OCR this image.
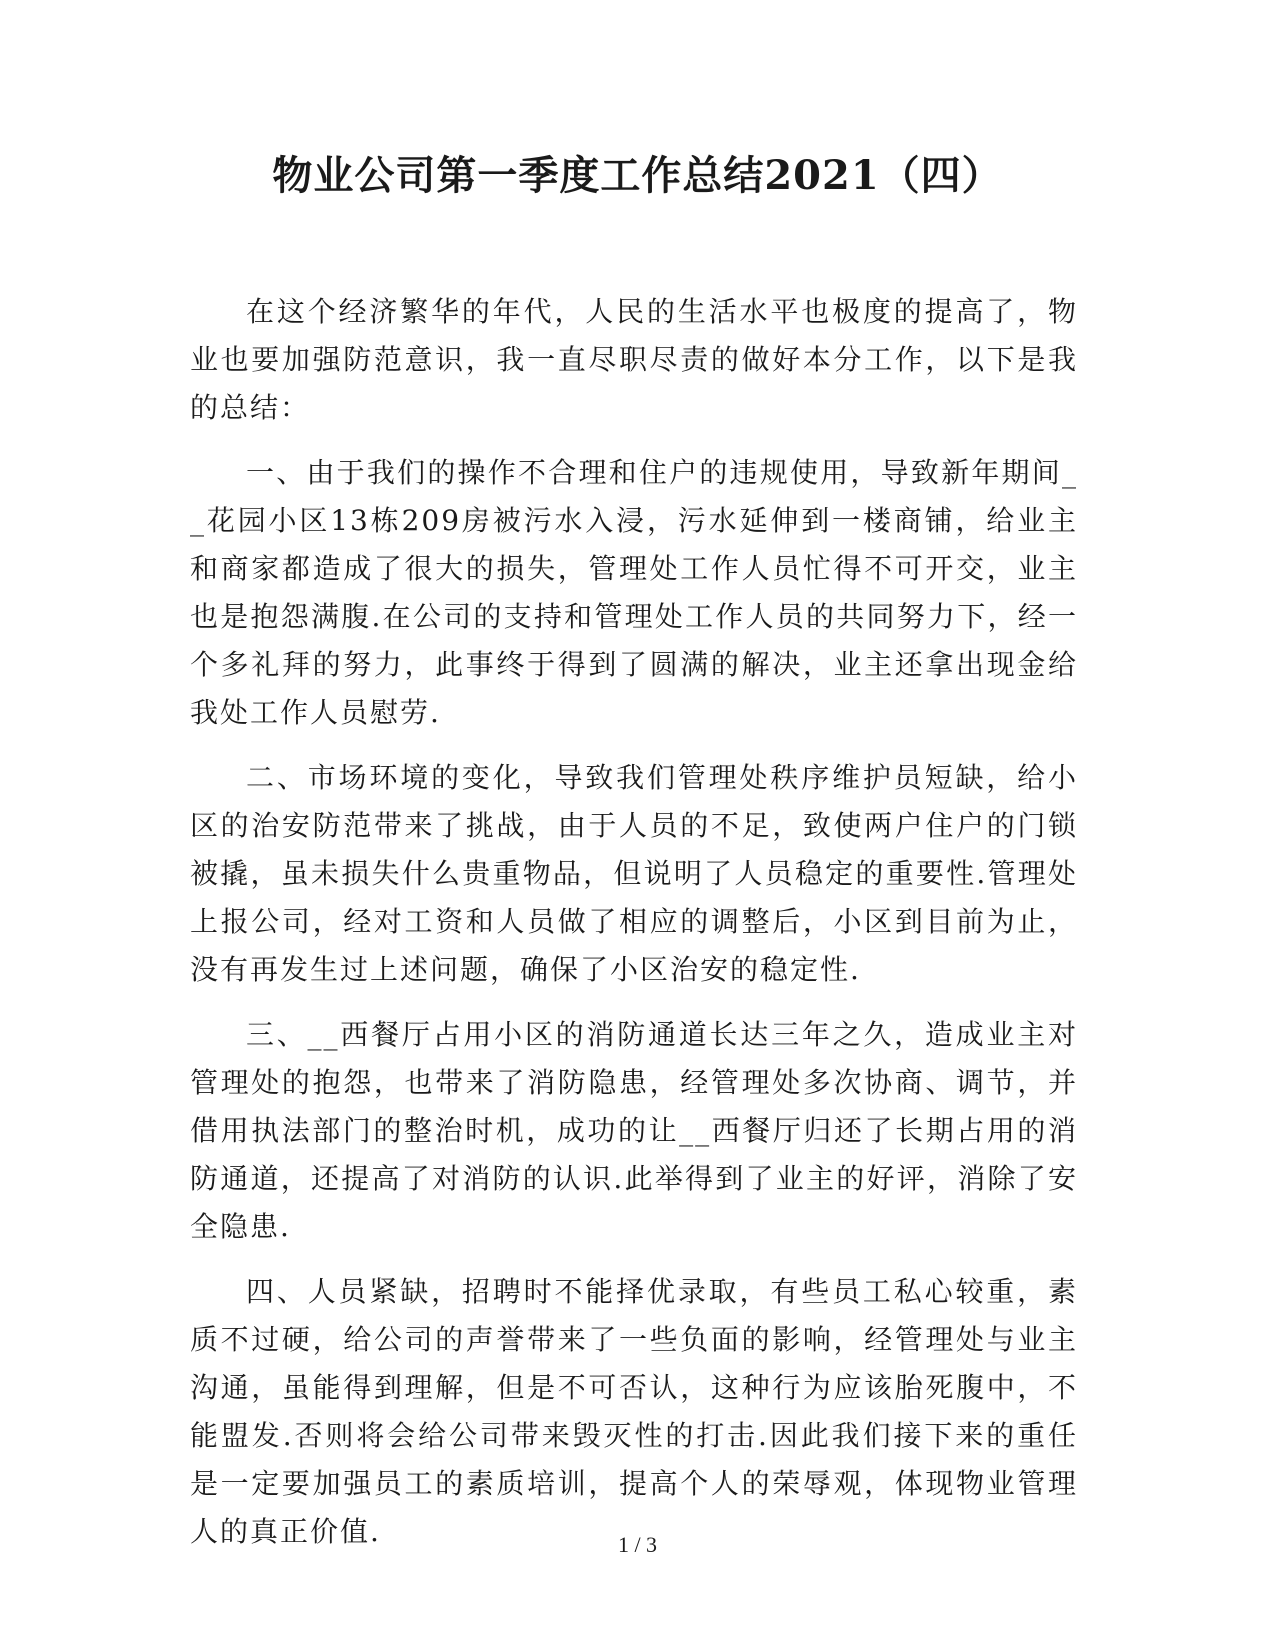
物业公司第一季度工作总结2021（四）

在这个经济繁华的年代，人民的生活水平也极度的提高了，物业也要加强防范意识，我一直尽职尽责的做好本分工作，以下是我的总结：

一、由于我们的操作不合理和住户的违规使用，导致新年期间__花园小区13栋209房被污水入浸，污水延伸到一楼商铺，给业主和商家都造成了很大的损失，管理处工作人员忙得不可开交，业主也是抱怨满腹.在公司的支持和管理处工作人员的共同努力下，经一个多礼拜的努力，此事终于得到了圆满的解决，业主还拿出现金给我处工作人员慰劳.

二、市场环境的变化，导致我们管理处秩序维护员短缺，给小区的治安防范带来了挑战，由于人员的不足，致使两户住户的门锁被撬，虽未损失什么贵重物品，但说明了人员稳定的重要性.管理处上报公司，经对工资和人员做了相应的调整后，小区到目前为止，没有再发生过上述问题，确保了小区治安的稳定性.

三、__西餐厅占用小区的消防通道长达三年之久，造成业主对管理处的抱怨，也带来了消防隐患，经管理处多次协商、调节，并借用执法部门的整治时机，成功的让__西餐厅归还了长期占用的消防通道，还提高了对消防的认识.此举得到了业主的好评，消除了安全隐患.

四、人员紧缺，招聘时不能择优录取，有些员工私心较重，素质不过硬，给公司的声誉带来了一些负面的影响，经管理处与业主沟通，虽能得到理解，但是不可否认，这种行为应该胎死腹中，不能盟发.否则将会给公司带来毁灭性的打击.因此我们接下来的重任是一定要加强员工的素质培训，提高个人的荣辱观，体现物业管理人的真正价值.	1 / 3
